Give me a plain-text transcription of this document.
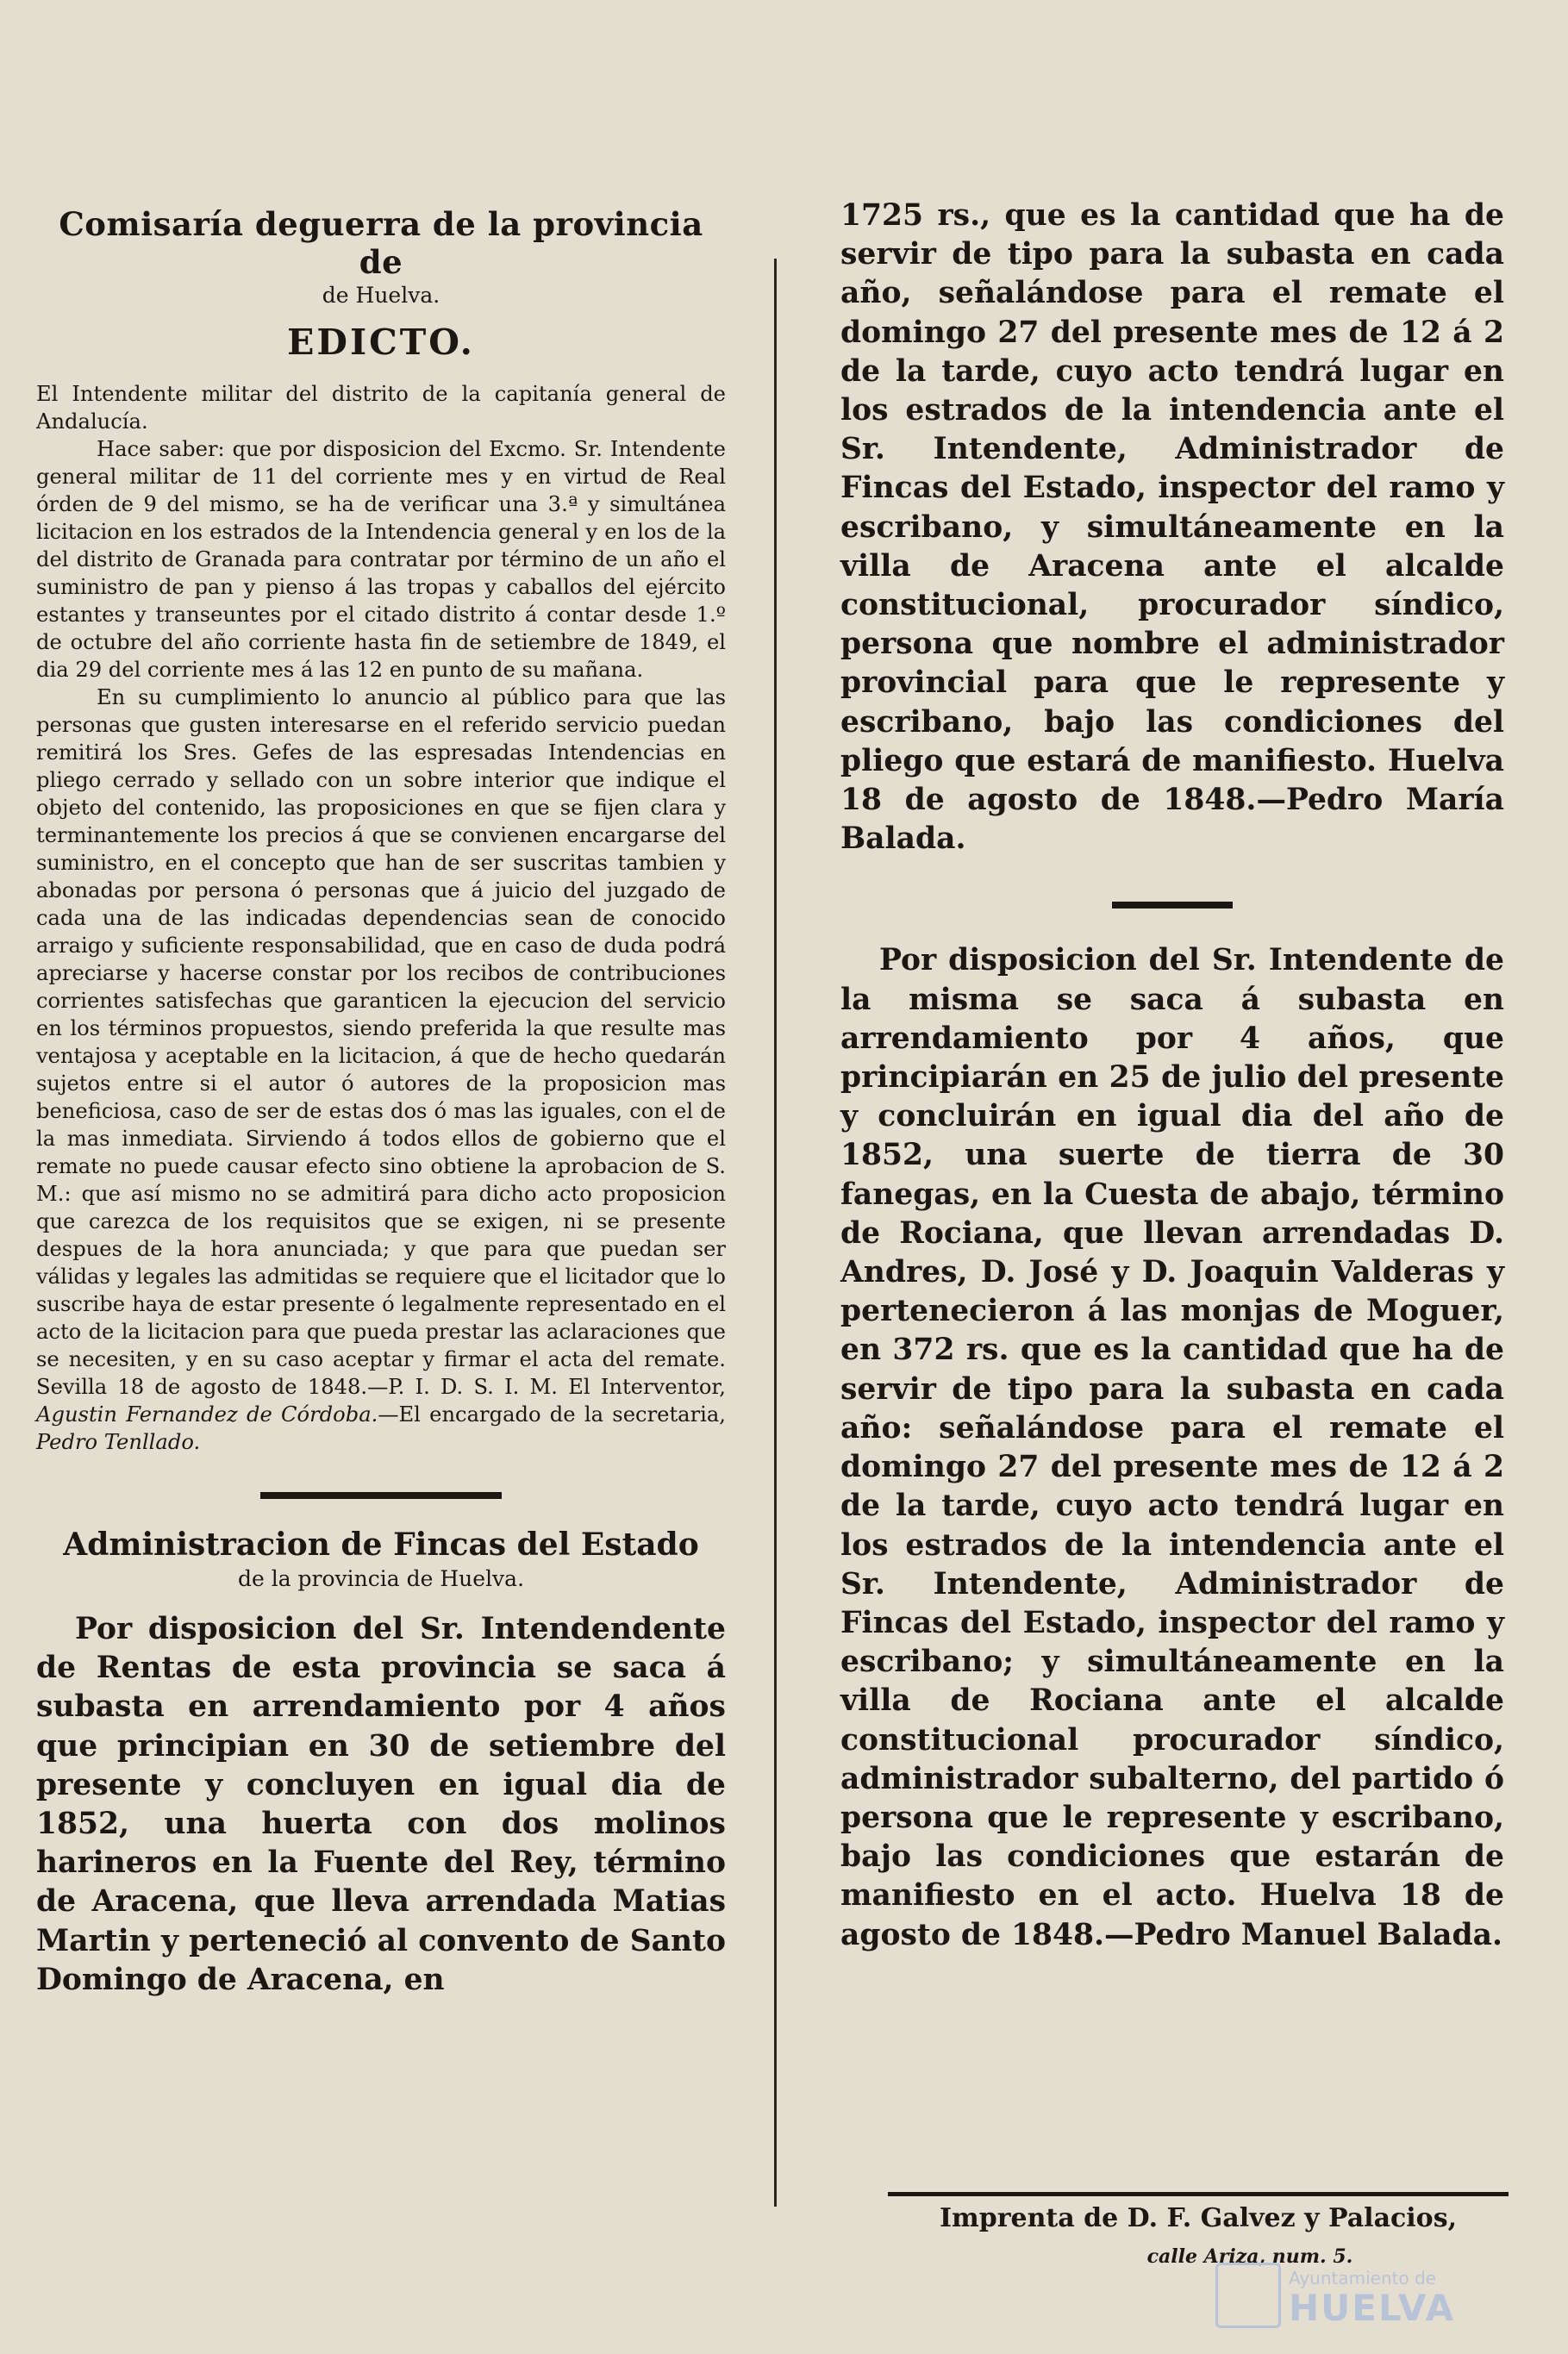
Comisaría deguerra de la provincia de
de Huelva.
EDICTO.

El Intendente militar del distrito de la capitanía general de Andalucía.

Hace saber: que por disposicion del Excmo. Sr. Intendente general militar de 11 del corriente mes y en virtud de Real órden de 9 del mismo, se ha de verificar una 3.ª y simultánea licitacion en los estrados de la Intendencia general y en los de la del distrito de Granada para contratar por término de un año el suministro de pan y pienso á las tropas y caballos del ejército estantes y transeuntes por el citado distrito á contar desde 1.º de octubre del año corriente hasta fin de setiembre de 1849, el dia 29 del corriente mes á las 12 en punto de su mañana.

En su cumplimiento lo anuncio al público para que las personas que gusten interesarse en el referido servicio puedan remitirá los Sres. Gefes de las espresadas Intendencias en pliego cerrado y sellado con un sobre interior que indique el objeto del contenido, las proposiciones en que se fijen clara y terminantemente los precios á que se convienen encargarse del suministro, en el concepto que han de ser suscritas tambien y abonadas por persona ó personas que á juicio del juzgado de cada una de las indicadas dependencias sean de conocido arraigo y suficiente responsabilidad, que en caso de duda podrá apreciarse y hacerse constar por los recibos de contribuciones corrientes satisfechas que garanticen la ejecucion del servicio en los términos propuestos, siendo preferida la que resulte mas ventajosa y aceptable en la licitacion, á que de hecho quedarán sujetos entre si el autor ó autores de la proposicion mas beneficiosa, caso de ser de estas dos ó mas las iguales, con el de la mas inmediata. Sirviendo á todos ellos de gobierno que el remate no puede causar efecto sino obtiene la aprobacion de S. M.: que así mismo no se admitirá para dicho acto proposicion que carezca de los requisitos que se exigen, ni se presente despues de la hora anunciada; y que para que puedan ser válidas y legales las admitidas se requiere que el licitador que lo suscribe haya de estar presente ó legalmente representado en el acto de la licitacion para que pueda prestar las aclaraciones que se necesiten, y en su caso aceptar y firmar el acta del remate. Sevilla 18 de agosto de 1848.—P. I. D. S. I. M. El Interventor, Agustin Fernandez de Córdoba.—El encargado de la secretaria, Pedro Tenllado.

Administracion de Fincas del Estado
de la provincia de Huelva.

Por disposicion del Sr. Intendendente de Rentas de esta provincia se saca á subasta en arrendamiento por 4 años que principian en 30 de setiembre del presente y concluyen en igual dia de 1852, una huerta con dos molinos harineros en la Fuente del Rey, término de Aracena, que lleva arrendada Matias Martin y perteneció al convento de Santo Domingo de Aracena, en

1725 rs., que es la cantidad que ha de servir de tipo para la subasta en cada año, señalándose para el remate el domingo 27 del presente mes de 12 á 2 de la tarde, cuyo acto tendrá lugar en los estrados de la intendencia ante el Sr. Intendente, Administrador de Fincas del Estado, inspector del ramo y escribano, y simultáneamente en la villa de Aracena ante el alcalde constitucional, procurador síndico, persona que nombre el administrador provincial para que le represente y escribano, bajo las condiciones del pliego que estará de manifiesto. Huelva 18 de agosto de 1848.—Pedro María Balada.

Por disposicion del Sr. Intendente de la misma se saca á subasta en arrendamiento por 4 años, que principiarán en 25 de julio del presente y concluirán en igual dia del año de 1852, una suerte de tierra de 30 fanegas, en la Cuesta de abajo, término de Rociana, que llevan arrendadas D. Andres, D. José y D. Joaquin Valderas y pertenecieron á las monjas de Moguer, en 372 rs. que es la cantidad que ha de servir de tipo para la subasta en cada año: señalándose para el remate el domingo 27 del presente mes de 12 á 2 de la tarde, cuyo acto tendrá lugar en los estrados de la intendencia ante el Sr. Intendente, Administrador de Fincas del Estado, inspector del ramo y escribano; y simultáneamente en la villa de Rociana ante el alcalde constitucional procurador síndico, administrador subalterno, del partido ó persona que le represente y escribano, bajo las condiciones que estarán de manifiesto en el acto. Huelva 18 de agosto de 1848.—Pedro Manuel Balada.

Imprenta de D. F. Galvez y Palacios,
calle Ariza, num. 5.
Ayuntamiento de
HUELVA
